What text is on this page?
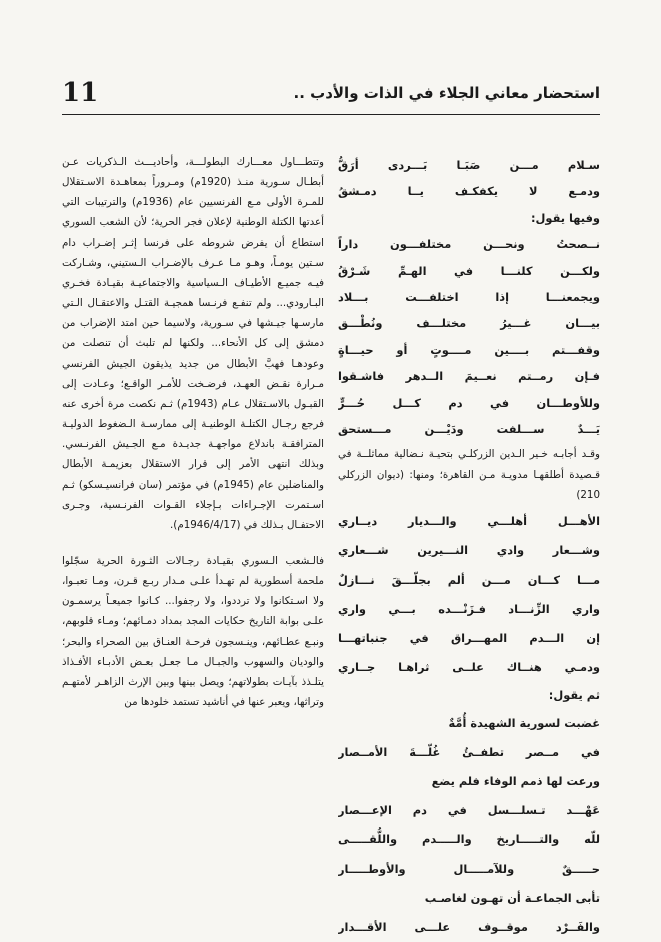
استحضار معاني الجلاء في الذات والأدب ..
11
سـلام مـــن صَبَـا بَـــردى أرَقُّ
ودمـع لا يكفكـف يــا دمـشقُ
وفيها يقول:
نــصحتُ ونحـــن مختلفـــون داراً
ولكـــن كلنـــا في الهـمِّ شَـرْقُ
ويجمعنـــا إذا اختلفـــت بـــلاد
بيـــان غـــيرُ مختلـــف ونُطْـــق
وقفـــتم بــــين مــــوتٍ أو حيـــاةٍ
فـإن رمــتم نعــيمَ الــدهر فاشـقوا
وللأوطـــان في دم كـــل حُـــرٍّ
يَـــدٌ ســـلفت ودَيْـــن مـــستحق

وقـد أجابـه خـير الـدين الزركلـي بتحيـة نـضالية مماثلــة في قـصيدة أطلقهـا مدويـة مـن القاهرة؛ ومنها: (ديوان الزركلي 210)

الأهـــل أهلـــي والـــديار ديــاري
وشـــعار وادي النـــيرين شـــعاري
مـــا كـــان مـــن ألم بجلّـــقَ نـــازلٌ
واري الزِّنـــاد فـزَنْـــده بـــي واري
إن الـــدم المهـــراق في جنباتهـــا
ودمـي هنــاك علــى ثراهـا جــاري
ثم يقول:
غضبت لسورية الشهيدة أُمَّةٌ
في مــصر تطفــئُ غُلّـــةَ الأمــصار
ورعت لها ذمم الوفاء فلم يضع
عَهْـــد تـسلـــسل في دم الإعـــصار
للّه والتـــــاريخ والـــــدم واللُّقـــــى
حـــــقٌ وللآمـــــال والأوطـــــار
تأبى الجماعـة أن تهـون لغاصـب
والفَــرْد موقــوف علـــى الأقـــدار

وتتطـــاول معـــارك البطولـــة، وأحاديـــث الـذكريات عـن أبطـال سـورية منـذ (1920م) ومـروراً بمعاهـدة الاسـتقلال للمـرة الأولى مـع الفرنسيين عام (1936م) والترتيبات التي أعدتها الكتلة الوطنية لإعلان فجر الحرية؛ لأن الشعب السوري استطاع أن يفرض شروطه على فرنسا إثـر إضـراب دام سـتين يومـاً، وهـو مـا عـرف بالإضـراب الـستيني، وشـاركت فيـه جميـع الأطيـاف الـسياسية والاجتماعيـة بقيـادة فخـري البـارودي... ولم تنفـع فرنـسا همجيـة القتـل والاعتقـال الـتي مارسـها جيـشها في سـورية، ولاسيما حين امتد الإضراب من دمشق إلى كل الأنحاء... ولكنها لم تلبث أن تنصلت من وعودهـا فهبَّ الأبطال من جديد يذيقون الجيش الفرنسي مـرارة نقـض العهـد، فرضـخت للأمـر الواقـع؛ وعـادت إلى القبـول بالاسـتقلال عـام (1943م) ثـم نكصت مرة أخرى عنه فرجع رجـال الكتلـة الوطنيـة إلى ممارسـة الـضغوط الدوليـة المترافقـة باندلاع مواجهـة جديـدة مـع الجـيش الفرنـسي. وبذلك انتهى الأمر إلى قرار الاستقلال بعزيمـة الأبطال والمناضلين عام (1945م) في مؤتمر (سان فرانسيـسكو) ثـم اسـتمرت الإجـراءات بـإجلاء القـوات الفرنـسية، وجـرى الاحتفـال بـذلك في (1946/4/17م).

فالـشعب الـسوري بقيـادة رجـالات الثـورة الحرية سجّلوا ملحمة أسطورية لم تهـدأ علـى مـدار ربـع قـرن، ومـا تعبـوا، ولا اسـتكانوا ولا ترددوا، ولا رجفوا... كـانوا جميعـاً يرسمـون علـى بوابة التاريخ حكايات المجد بمداد دمـائهم؛ ومـاء قلوبهم، ونبـع عطـائهم، وينـسجون فرحـة العنـاق بين الصحراء والبحر؛ والوديان والسهوب والجبـال مـا جعـل بعـض الأدبـاء الأفـذاذ يتلـذذ بآيـات بطولاتهم؛ ويصل بينها وبين الإرث الزاهـر لأمتهـم وتراثها، ويعبر عنها في أناشيد تستمد خلودها من
